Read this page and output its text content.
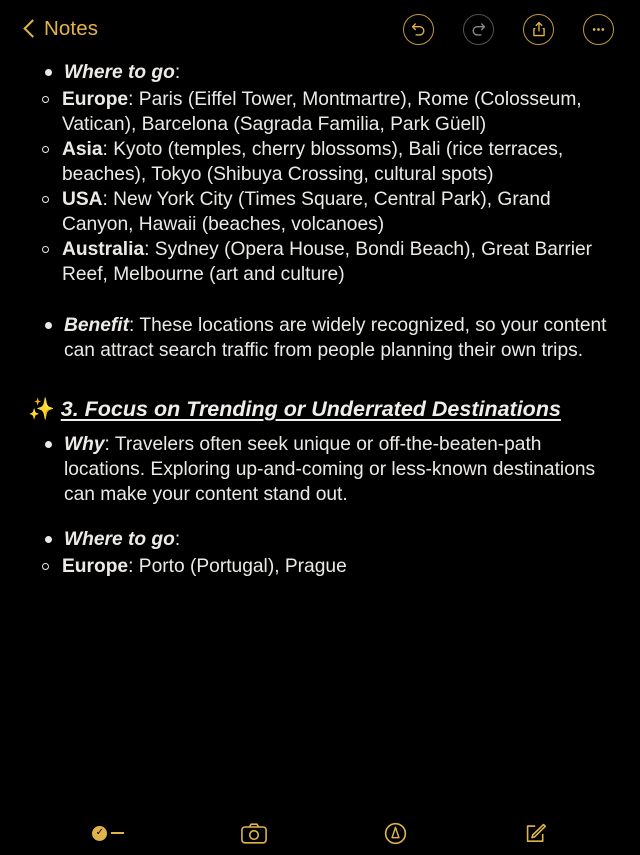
Notes
Where to go:
Europe: Paris (Eiffel Tower, Montmartre), Rome (Colosseum, Vatican), Barcelona (Sagrada Familia, Park Güell)
Asia: Kyoto (temples, cherry blossoms), Bali (rice terraces, beaches), Tokyo (Shibuya Crossing, cultural spots)
USA: New York City (Times Square, Central Park), Grand Canyon, Hawaii (beaches, volcanoes)
Australia: Sydney (Opera House, Bondi Beach), Great Barrier Reef, Melbourne (art and culture)
Benefit: These locations are widely recognized, so your content can attract search traffic from people planning their own trips.
✨ 3. Focus on Trending or Underrated Destinations
Why: Travelers often seek unique or off-the-beaten-path locations. Exploring up-and-coming or less-known destinations can make your content stand out.
Where to go:
Europe: Porto (Portugal), Prague
✓
